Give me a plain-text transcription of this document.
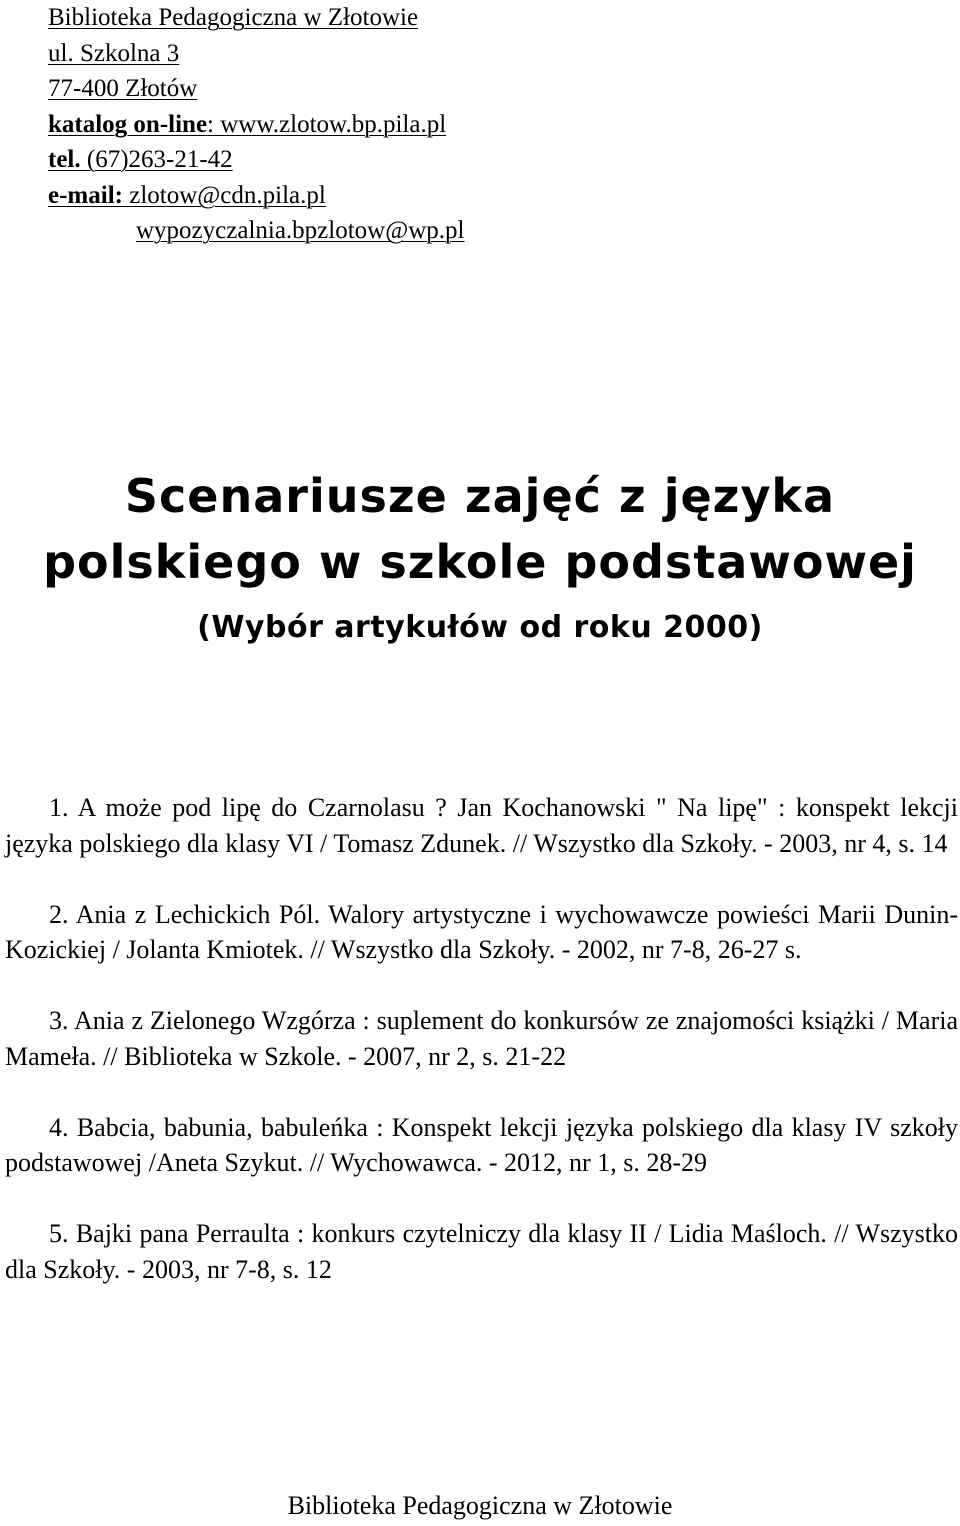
Biblioteka Pedagogiczna w Złotowie
ul. Szkolna 3
77-400 Złotów
katalog on-line: www.zlotow.bp.pila.pl
tel. (67)263-21-42
e-mail: zlotow@cdn.pila.pl
wypozyczalnia.bpzlotow@wp.pl
Scenariusze zajęć z języka
polskiego w szkole podstawowej
(Wybór artykułów od roku 2000)
1. A może pod lipę do Czarnolasu ? Jan Kochanowski " Na lipę" : konspekt lekcji języka polskiego dla klasy VI / Tomasz Zdunek. // Wszystko dla Szkoły. - 2003, nr 4, s. 14
2. Ania z Lechickich Pól. Walory artystyczne i wychowawcze powieści Marii Dunin- Kozickiej / Jolanta Kmiotek. // Wszystko dla Szkoły. - 2002, nr 7-8, 26-27 s.
3. Ania z Zielonego Wzgórza : suplement do konkursów ze znajomości książki / Maria Mameła. // Biblioteka w Szkole. - 2007, nr 2, s. 21-22
4. Babcia, babunia, babuleńka : Konspekt lekcji języka polskiego dla klasy IV szkoły podstawowej /Aneta Szykut. // Wychowawca. - 2012, nr 1, s. 28-29
5. Bajki pana Perraulta : konkurs czytelniczy dla klasy II / Lidia Maśloch. // Wszystko dla Szkoły. - 2003, nr 7-8, s. 12
Biblioteka Pedagogiczna w Złotowie
